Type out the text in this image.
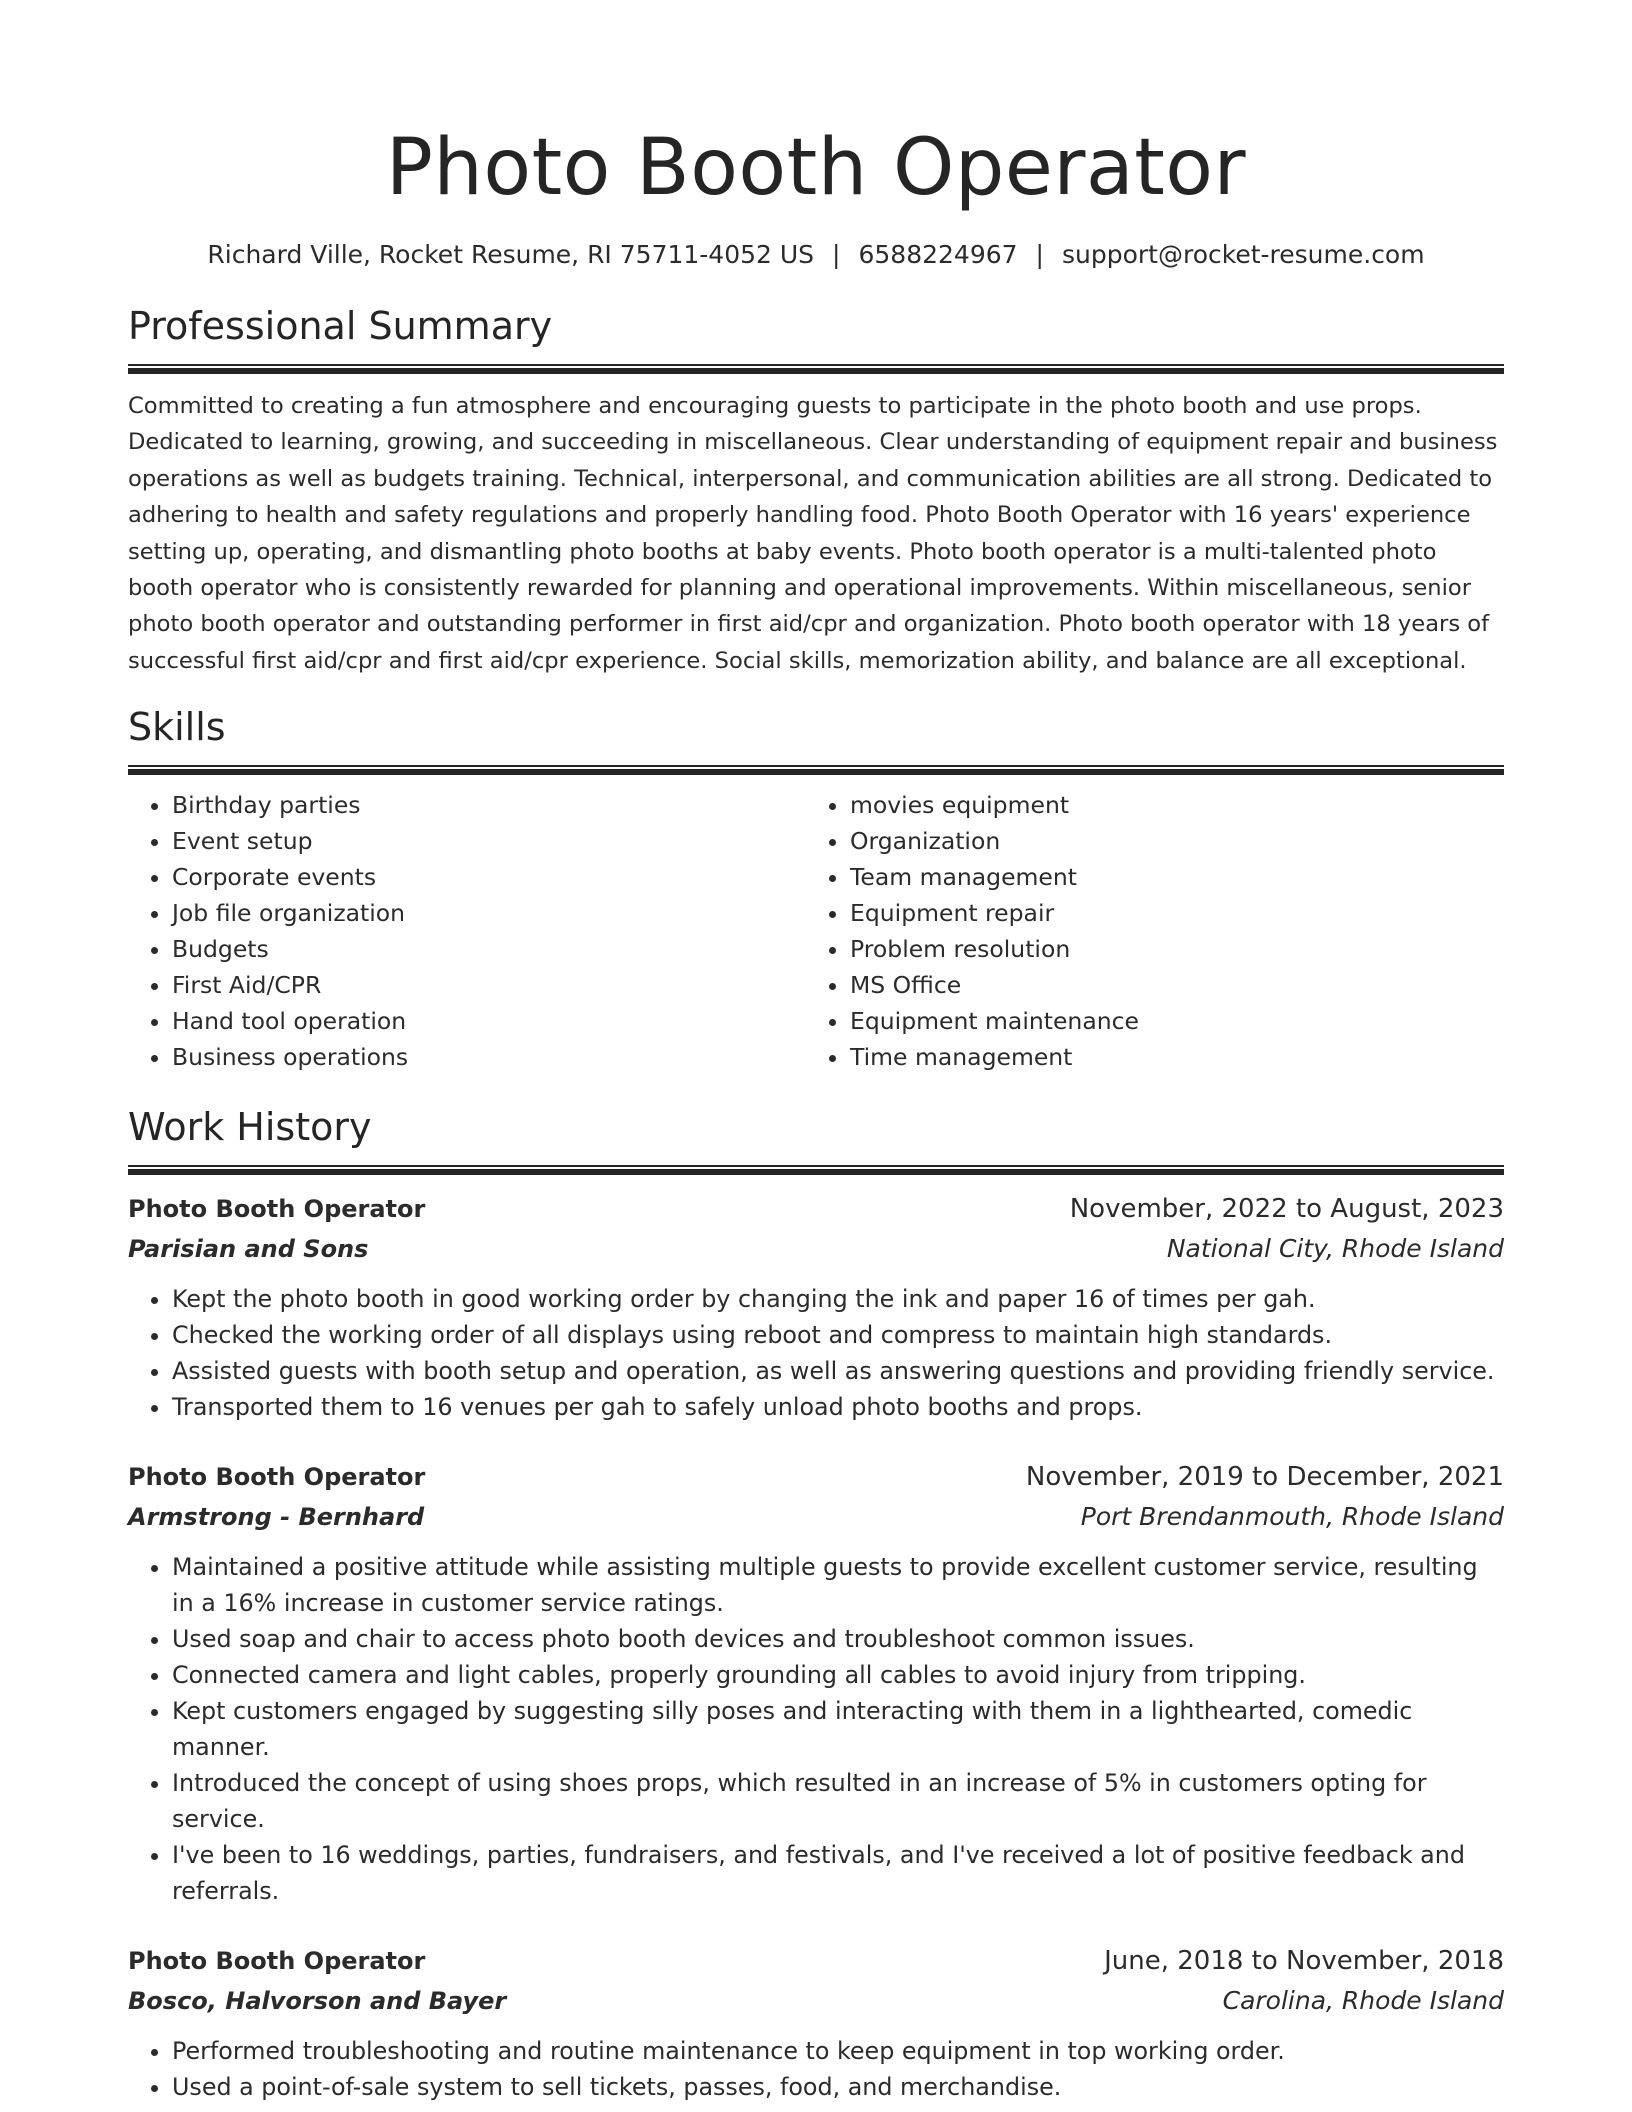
Photo Booth Operator
Richard Ville, Rocket Resume, RI 75711-4052 US | 6588224967 | support@rocket-resume.com
Professional Summary

Committed to creating a fun atmosphere and encouraging guests to participate in the photo booth and use props. Dedicated to learning, growing, and succeeding in miscellaneous. Clear understanding of equipment repair and business operations as well as budgets training. Technical, interpersonal, and communication abilities are all strong. Dedicated to adhering to health and safety regulations and properly handling food. Photo Booth Operator with 16 years' experience setting up, operating, and dismantling photo booths at baby events. Photo booth operator is a multi-talented photo booth operator who is consistently rewarded for planning and operational improvements. Within miscellaneous, senior photo booth operator and outstanding performer in first aid/cpr and organization. Photo booth operator with 18 years of successful first aid/cpr and first aid/cpr experience. Social skills, memorization ability, and balance are all exceptional.

Skills
• Birthday parties
• Event setup
• Corporate events
• Job file organization
• Budgets
• First Aid/CPR
• Hand tool operation
• Business operations
• movies equipment
• Organization
• Team management
• Equipment repair
• Problem resolution
• MS Office
• Equipment maintenance
• Time management
Work History
Photo Booth Operator	November, 2022 to August, 2023
Parisian and Sons	National City, Rhode Island
• Kept the photo booth in good working order by changing the ink and paper 16 of times per gah.
• Checked the working order of all displays using reboot and compress to maintain high standards.
• Assisted guests with booth setup and operation, as well as answering questions and providing friendly service.
• Transported them to 16 venues per gah to safely unload photo booths and props.
Photo Booth Operator	November, 2019 to December, 2021
Armstrong - Bernhard	Port Brendanmouth, Rhode Island
• Maintained a positive attitude while assisting multiple guests to provide excellent customer service, resulting in a 16% increase in customer service ratings.
• Used soap and chair to access photo booth devices and troubleshoot common issues.
• Connected camera and light cables, properly grounding all cables to avoid injury from tripping.
• Kept customers engaged by suggesting silly poses and interacting with them in a lighthearted, comedic manner.
• Introduced the concept of using shoes props, which resulted in an increase of 5% in customers opting for service.
• I've been to 16 weddings, parties, fundraisers, and festivals, and I've received a lot of positive feedback and referrals.
Photo Booth Operator	June, 2018 to November, 2018
Bosco, Halvorson and Bayer	Carolina, Rhode Island
• Performed troubleshooting and routine maintenance to keep equipment in top working order.
• Used a point-of-sale system to sell tickets, passes, food, and merchandise.
